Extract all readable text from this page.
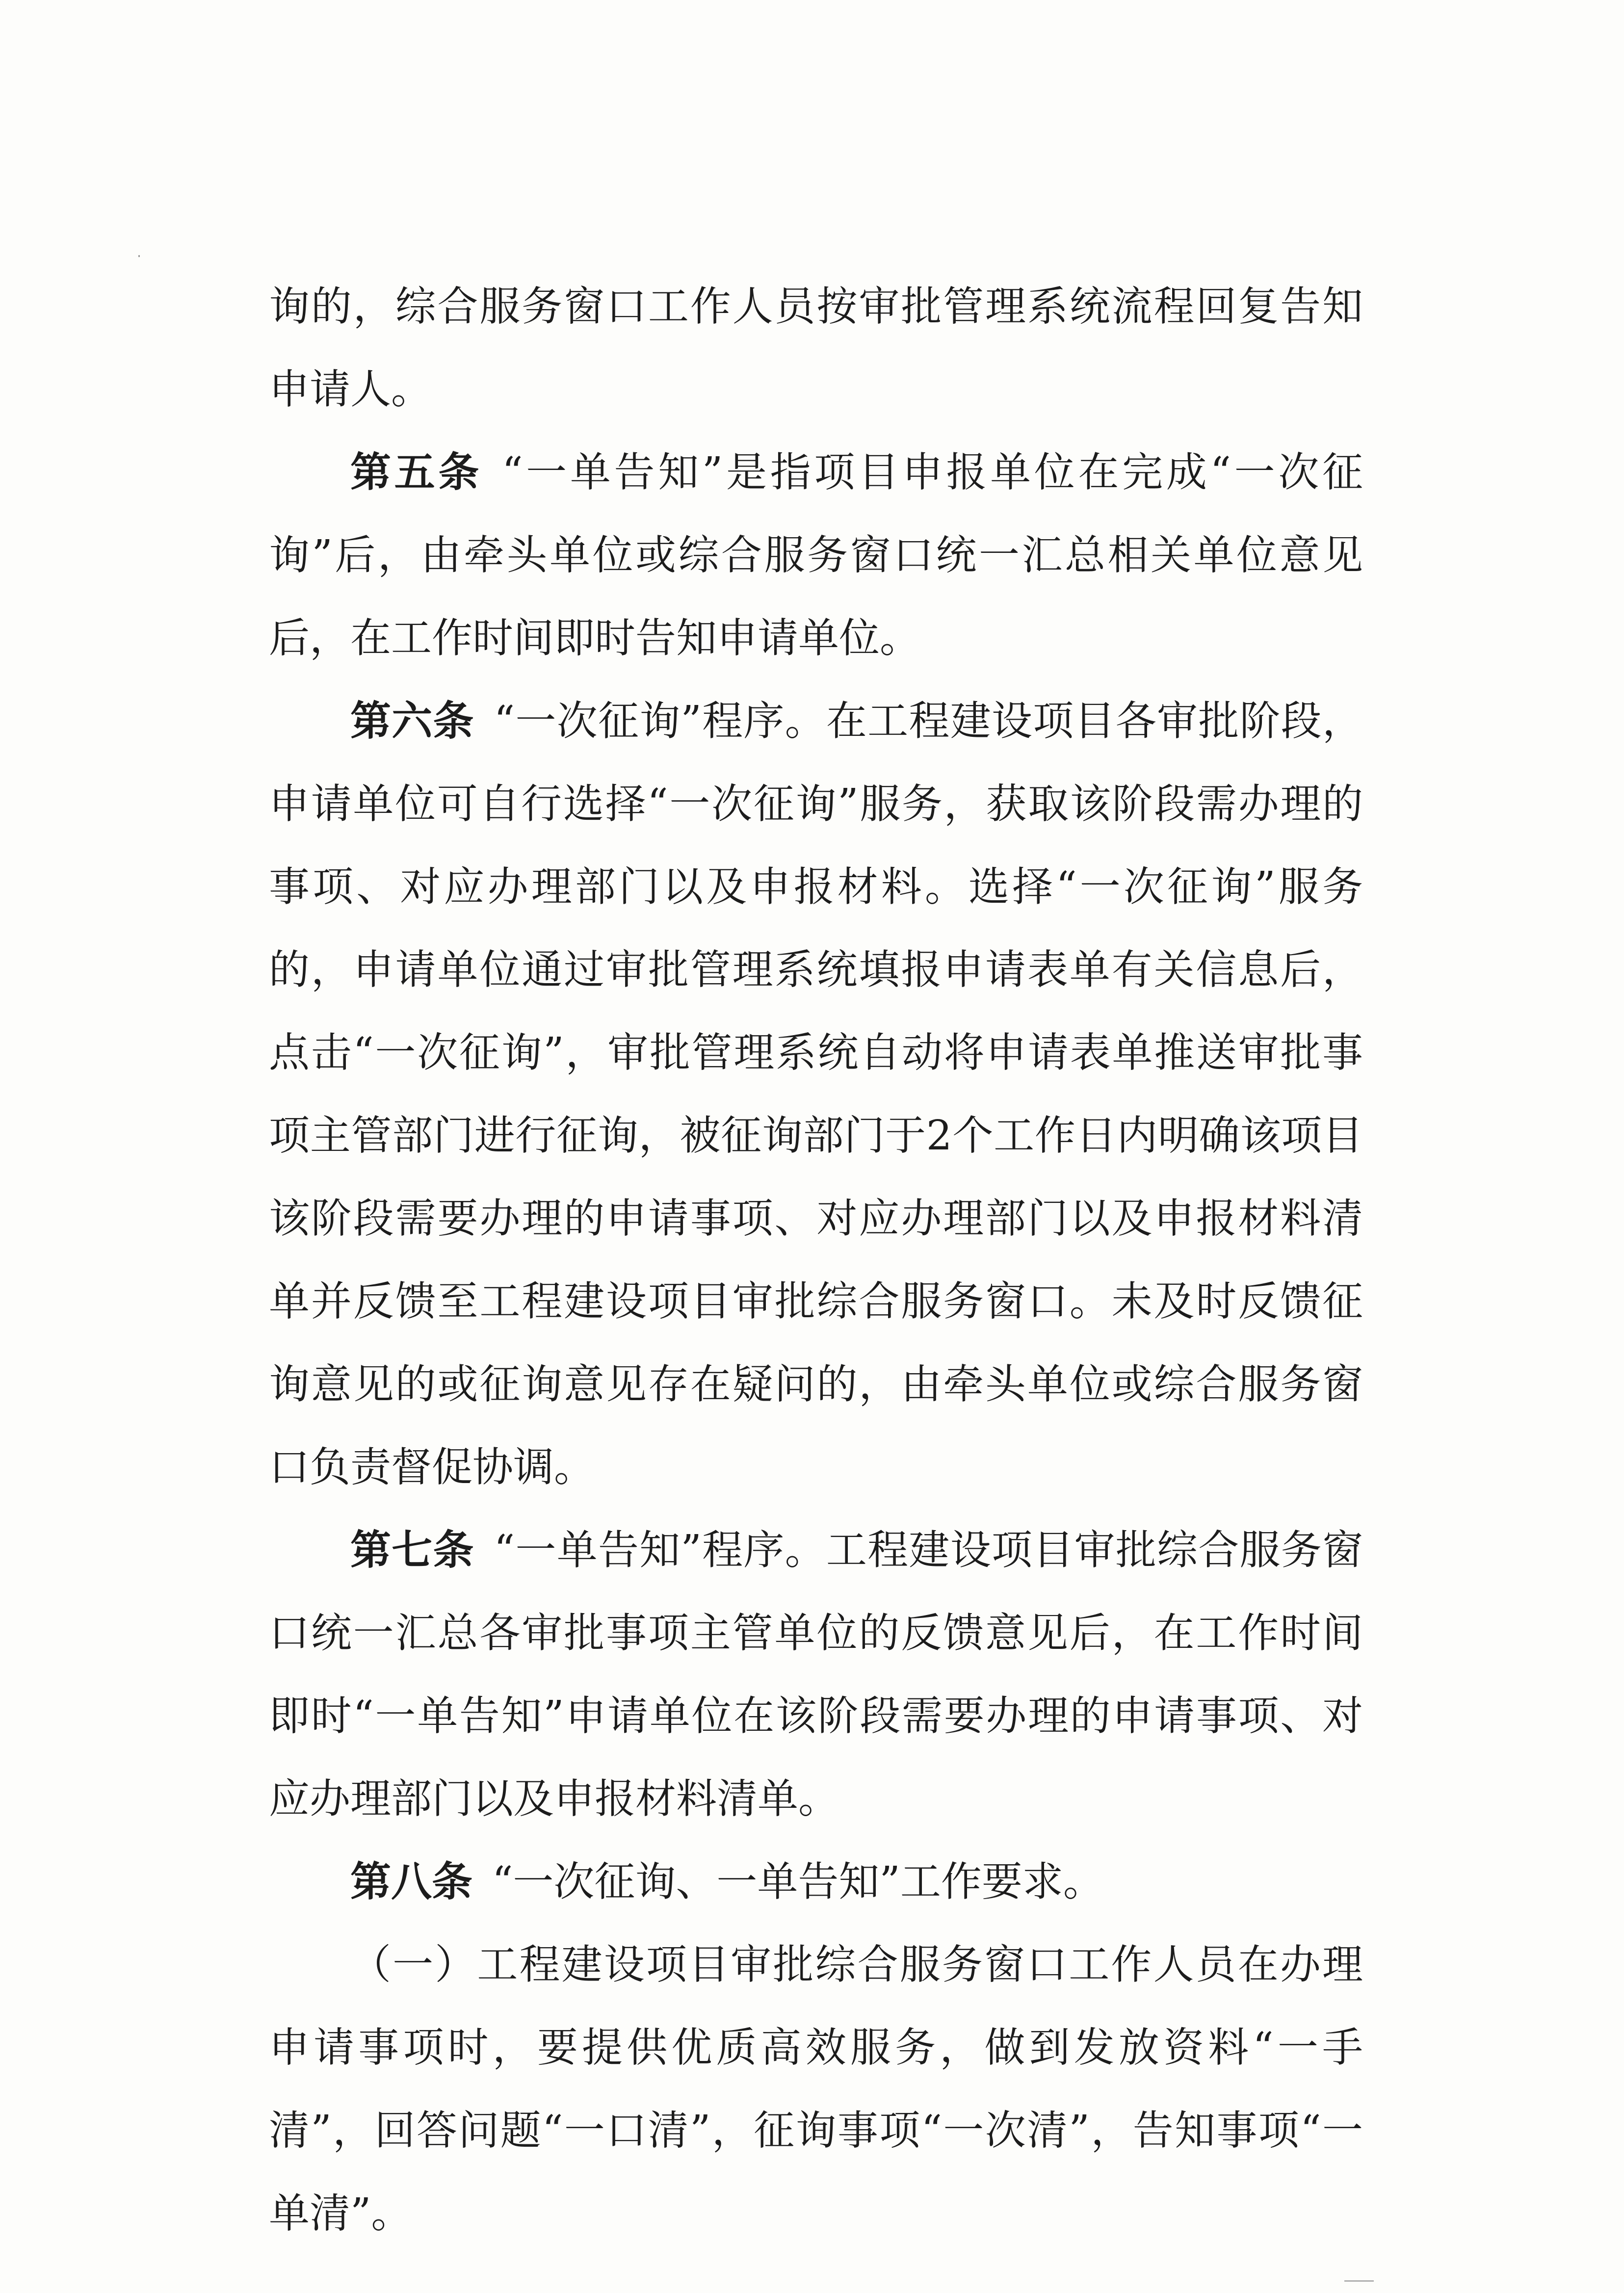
询的，综合服务窗口工作人员按审批管理系统流程回复告知申请人。

第五条 “一单告知”是指项目申报单位在完成“一次征询”后，由牵头单位或综合服务窗口统一汇总相关单位意见后，在工作时间即时告知申请单位。

第六条 “一次征询”程序。在工程建设项目各审批阶段，申请单位可自行选择“一次征询”服务，获取该阶段需办理的事项、对应办理部门以及申报材料。选择“一次征询”服务的，申请单位通过审批管理系统填报申请表单有关信息后，点击“一次征询”，审批管理系统自动将申请表单推送审批事项主管部门进行征询，被征询部门于2个工作日内明确该项目该阶段需要办理的申请事项、对应办理部门以及申报材料清单并反馈至工程建设项目审批综合服务窗口。未及时反馈征询意见的或征询意见存在疑问的，由牵头单位或综合服务窗口负责督促协调。

第七条 “一单告知”程序。工程建设项目审批综合服务窗口统一汇总各审批事项主管单位的反馈意见后，在工作时间即时“一单告知”申请单位在该阶段需要办理的申请事项、对应办理部门以及申报材料清单。

第八条 “一次征询、一单告知”工作要求。

（一）工程建设项目审批综合服务窗口工作人员在办理申请事项时，要提供优质高效服务，做到发放资料“一手清”，回答问题“一口清”，征询事项“一次清”，告知事项“一单清”。
